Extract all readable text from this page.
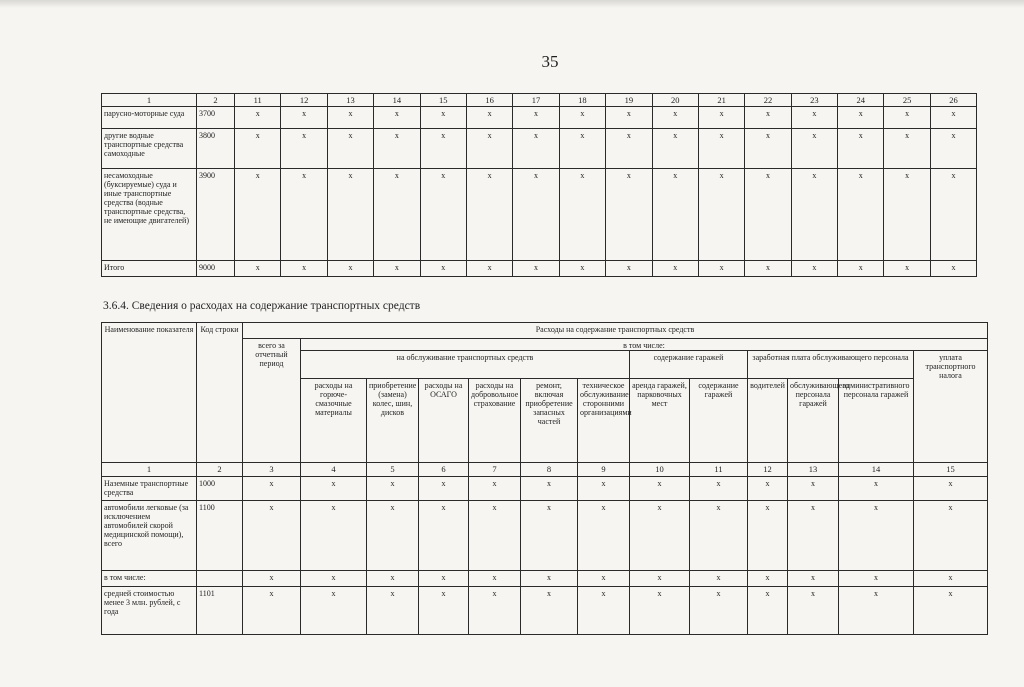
35
1	2	11	12	13	14	15	16	17	18	19	20	21	22	23	24	25	26
парусно-моторные суда	3700	x	x	x	x	x	x	x	x	x	x	x	x	x	x	x	x
другие водные транспортные средства самоходные	3800	x	x	x	x	x	x	x	x	x	x	x	x	x	x	x	x
несамоходные (буксируемые) суда и иные транспортные средства (водные транспортные средства, не имеющие двигателей)	3900	x	x	x	x	x	x	x	x	x	x	x	x	x	x	x	x
Итого	9000	x	x	x	x	x	x	x	x	x	x	x	x	x	x	x	x
3.6.4. Сведения о расходах на содержание транспортных средств
Наименование показателя	Код строки	Расходы на содержание транспортных средств												
		всего за отчетный период	в том числе:											
			на обслуживание транспортных средств						содержание гаражей		заработная плата обслуживающего персонала			уплата транспортного налога
			расходы на горюче-смазочные материалы	приобретение (замена) колес, шин, дисков	расходы на ОСАГО	расходы на добровольное страхование	ремонт, включая приобретение запасных частей	техническое обслуживание сторонними организациями	аренда гаражей, парковочных мест	содержание гаражей	водителей	обслуживающего персонала гаражей	административного персонала гаражей	
1	2	3	4	5	6	7	8	9	10	11	12	13	14	15
Наземные транспортные средства	1000	x	x	x	x	x	x	x	x	x	x	x	x	x
автомобили легковые (за исключением автомобилей скорой медицинской помощи), всего	1100	x	x	x	x	x	x	x	x	x	x	x	x	x
в том числе:		x	x	x	x	x	x	x	x	x	x	x	x	x
средней стоимостью менее 3 млн. рублей, с года	1101	x	x	x	x	x	x	x	x	x	x	x	x	x
